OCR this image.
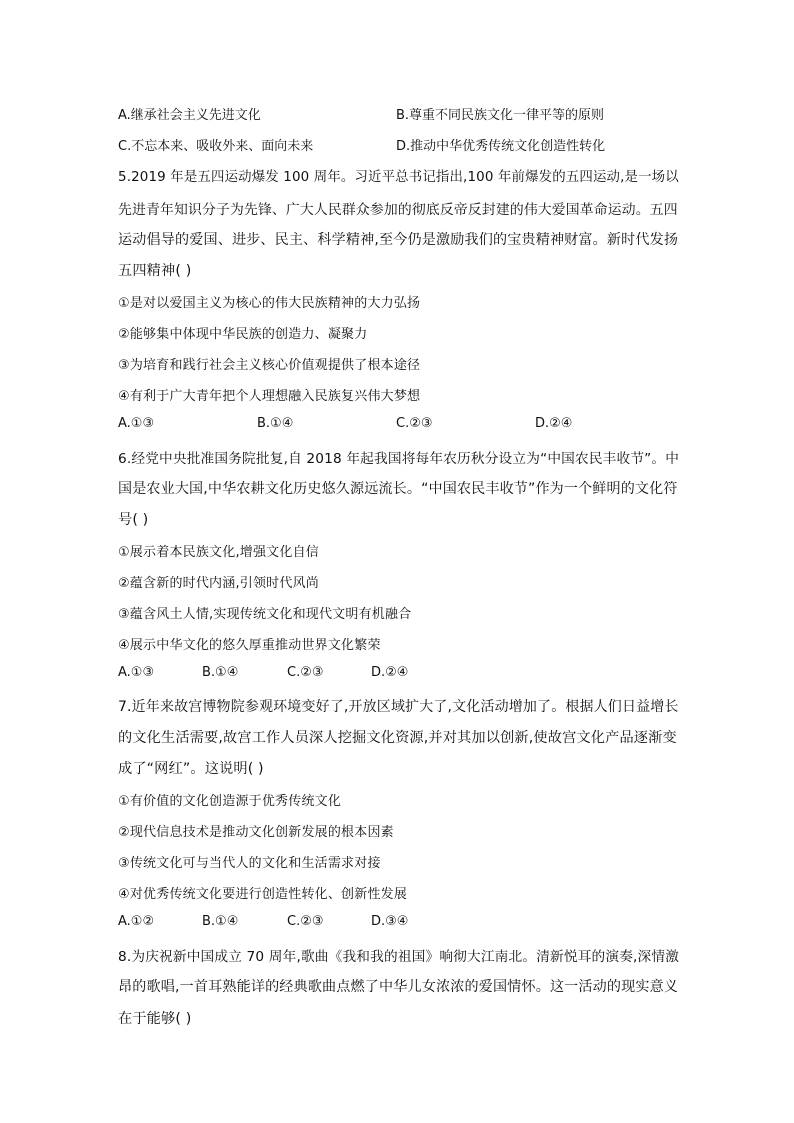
A.继承社会主义先进文化	B.尊重不同民族文化一律平等的原则
C.不忘本来、吸收外来、面向未来	D.推动中华优秀传统文化创造性转化
5.2019 年是五四运动爆发 100 周年。习近平总书记指出,100 年前爆发的五四运动,是一场以
先进青年知识分子为先锋、广大人民群众参加的彻底反帝反封建的伟大爱国革命运动。五四
运动倡导的爱国、进步、民主、科学精神,至今仍是激励我们的宝贵精神财富。新时代发扬
五四精神( )
①是对以爱国主义为核心的伟大民族精神的大力弘扬
②能够集中体现中华民族的创造力、凝聚力
③为培育和践行社会主义核心价值观提供了根本途径
④有利于广大青年把个人理想融入民族复兴伟大梦想
A.①③	B.①④	C.②③	D.②④
6.经党中央批准国务院批复,自 2018 年起我国将每年农历秋分设立为“中国农民丰收节”。中
国是农业大国,中华农耕文化历史悠久源远流长。“中国农民丰收节”作为一个鲜明的文化符
号( )
①展示着本民族文化,增强文化自信
②蕴含新的时代内涵,引领时代风尚
③蕴含风土人情,实现传统文化和现代文明有机融合
④展示中华文化的悠久厚重推动世界文化繁荣
A.①③	B.①④	C.②③	D.②④
7.近年来故宫博物院参观环境变好了,开放区域扩大了,文化活动增加了。根据人们日益增长
的文化生活需要,故宫工作人员深人挖掘文化资源,并对其加以创新,使故宫文化产品逐渐变
成了“网红”。这说明( )
①有价值的文化创造源于优秀传统文化
②现代信息技术是推动文化创新发展的根本因素
③传统文化可与当代人的文化和生活需求对接
④对优秀传统文化要进行创造性转化、创新性发展
A.①②	B.①④	C.②③	D.③④
8.为庆祝新中国成立 70 周年,歌曲《我和我的祖国》响彻大江南北。清新悦耳的演奏,深情激
昂的歌唱,一首耳熟能详的经典歌曲点燃了中华儿女浓浓的爱国情怀。这一活动的现实意义
在于能够( )
